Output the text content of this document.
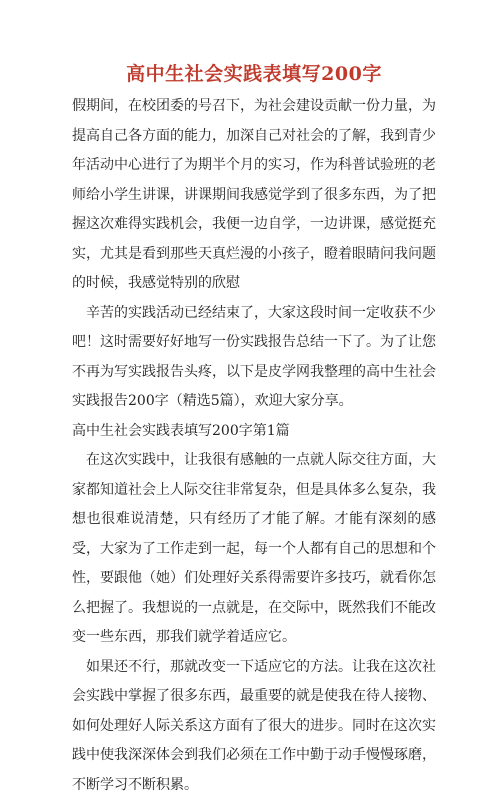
高中生社会实践表填写200字

假期间，在校团委的号召下，为社会建设贡献一份力量，为提高自己各方面的能力，加深自己对社会的了解，我到青少年活动中心进行了为期半个月的实习，作为科普试验班的老师给小学生讲课，讲课期间我感觉学到了很多东西，为了把握这次难得实践机会，我便一边自学，一边讲课，感觉挺充实，尤其是看到那些天真烂漫的小孩子，瞪着眼睛问我问题的时候，我感觉特别的欣慰

辛苦的实践活动已经结束了，大家这段时间一定收获不少吧！这时需要好好地写一份实践报告总结一下了。为了让您不再为写实践报告头疼，以下是皮学网我整理的高中生社会实践报告200字（精选5篇），欢迎大家分享。

高中生社会实践表填写200字第1篇

在这次实践中，让我很有感触的一点就人际交往方面，大家都知道社会上人际交往非常复杂，但是具体多么复杂，我想也很难说清楚，只有经历了才能了解。才能有深刻的感受，大家为了工作走到一起，每一个人都有自己的思想和个性，要跟他（她）们处理好关系得需要许多技巧，就看你怎么把握了。我想说的一点就是，在交际中，既然我们不能改变一些东西，那我们就学着适应它。

如果还不行，那就改变一下适应它的方法。让我在这次社会实践中掌握了很多东西，最重要的就是使我在待人接物、如何处理好人际关系这方面有了很大的进步。同时在这次实践中使我深深体会到我们必须在工作中勤于动手慢慢琢磨，不断学习不断积累。
